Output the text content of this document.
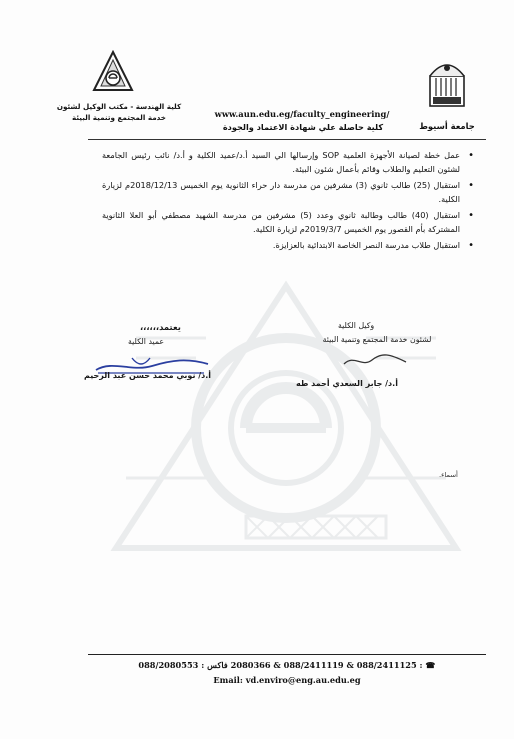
كلية الهندسة - مكتب الوكيل لشئون
خدمة المجتمع وتنمية البيئة
جامعة أسيوط
www.aun.edu.eg/faculty_engineering/
كلية حاصلة علي شهادة الاعتماد والجودة
• عمل خطة لصيانة الأجهزة العلمية SOP وإرسالها الي السيد أ.د/عميد الكلية و أ.د/ نائب رئيس الجامعة لشئون التعليم والطلاب وقائم بأعمال شئون البيئة.
• استقبال (25) طالب ثانوي (3) مشرفين من مدرسة دار حراء الثانوية يوم الخميس 2018/12/13م لزيارة الكلية.
• استقبال (40) طالب وطالبة ثانوي وعدد (5) مشرفين من مدرسة الشهيد مصطفي أبو العلا الثانوية المشتركة بأم القصور يوم الخميس 2019/3/7م لزيارة الكلية.
• استقبال طلاب مدرسة النصر الخاصة الابتدائية بالعزايزة.
يعتمد،،،،،،
عميد الكلية
وكيل الكلية
لشئون خدمة المجتمع وتنمية البيئة
أ.د/ نوبي محمد حسن عبد الرحيم
أ.د/ جابر السعدي أحمد طه
أسماء.
☎ : 088/2411125 & 088/2411119 & 2080366 فاكس : 088/2080553
Email: vd.enviro@eng.au.edu.eg
